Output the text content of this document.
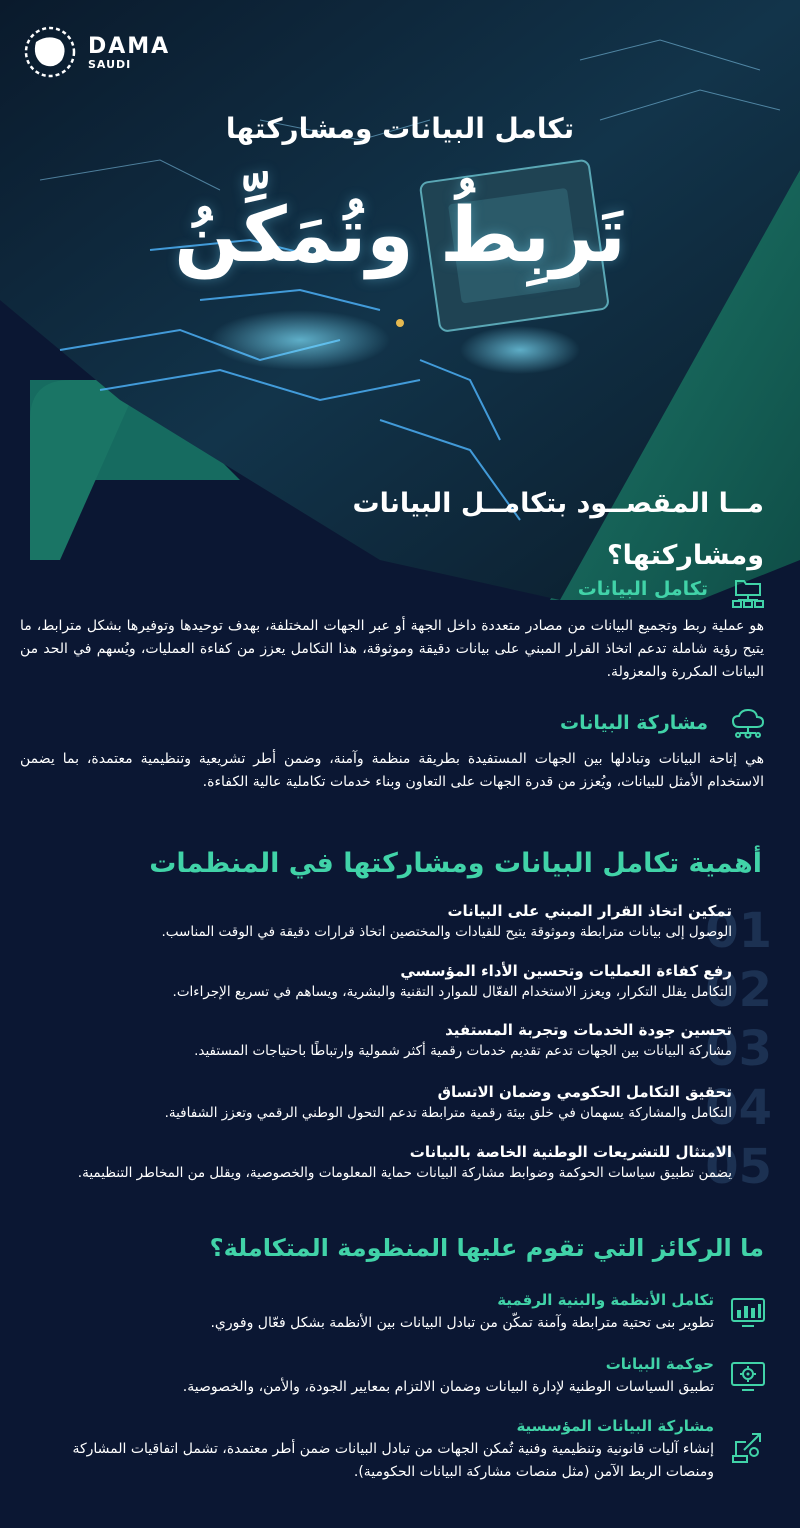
DAMA
SAUDI
تكامل البيانات ومشاركتها
تَربِطُ وتُمَكِّنُ
مــا المقصــود بتكامــل البيانات ومشاركتها؟
تكامل البيانات
هو عملية ربط وتجميع البيانات من مصادر متعددة داخل الجهة أو عبر الجهات المختلفة، بهدف توحيدها وتوفيرها بشكل مترابط، ما يتيح رؤية شاملة تدعم اتخاذ القرار المبني على بيانات دقيقة وموثوقة، هذا التكامل يعزز من كفاءة العمليات، ويُسهم في الحد من البيانات المكررة والمعزولة.
مشاركة البيانات
هي إتاحة البيانات وتبادلها بين الجهات المستفيدة بطريقة منظمة وآمنة، وضمن أطر تشريعية وتنظيمية معتمدة، بما يضمن الاستخدام الأمثل للبيانات، ويُعزز من قدرة الجهات على التعاون وبناء خدمات تكاملية عالية الكفاءة.
أهمية تكامل البيانات ومشاركتها في المنظمات
01
تمكين اتخاذ القرار المبني على البيانات
الوصول إلى بيانات مترابطة وموثوقة يتيح للقيادات والمختصين اتخاذ قرارات دقيقة في الوقت المناسب.
02
رفع كفاءة العمليات وتحسين الأداء المؤسسي
التكامل يقلل التكرار، ويعزز الاستخدام الفعّال للموارد التقنية والبشرية، ويساهم في تسريع الإجراءات.
03
تحسين جودة الخدمات وتجربة المستفيد
مشاركة البيانات بين الجهات تدعم تقديم خدمات رقمية أكثر شمولية وارتباطًا باحتياجات المستفيد.
04
تحقيق التكامل الحكومي وضمان الاتساق
التكامل والمشاركة يسهمان في خلق بيئة رقمية مترابطة تدعم التحول الوطني الرقمي وتعزز الشفافية.
05
الامتثال للتشريعات الوطنية الخاصة بالبيانات
يضمن تطبيق سياسات الحوكمة وضوابط مشاركة البيانات حماية المعلومات والخصوصية، ويقلل من المخاطر التنظيمية.
ما الركائز التي تقوم عليها المنظومة المتكاملة؟
تكامل الأنظمة والبنية الرقمية
تطوير بنى تحتية مترابطة وآمنة تمكّن من تبادل البيانات بين الأنظمة بشكل فعّال وفوري.
حوكمة البيانات
تطبيق السياسات الوطنية لإدارة البيانات وضمان الالتزام بمعايير الجودة، والأمن، والخصوصية.
مشاركة البيانات المؤسسية
إنشاء آليات قانونية وتنظيمية وفنية تُمكن الجهات من تبادل البيانات ضمن أطر معتمدة، تشمل اتفاقيات المشاركة ومنصات الربط الآمن (مثل منصات مشاركة البيانات الحكومية).
